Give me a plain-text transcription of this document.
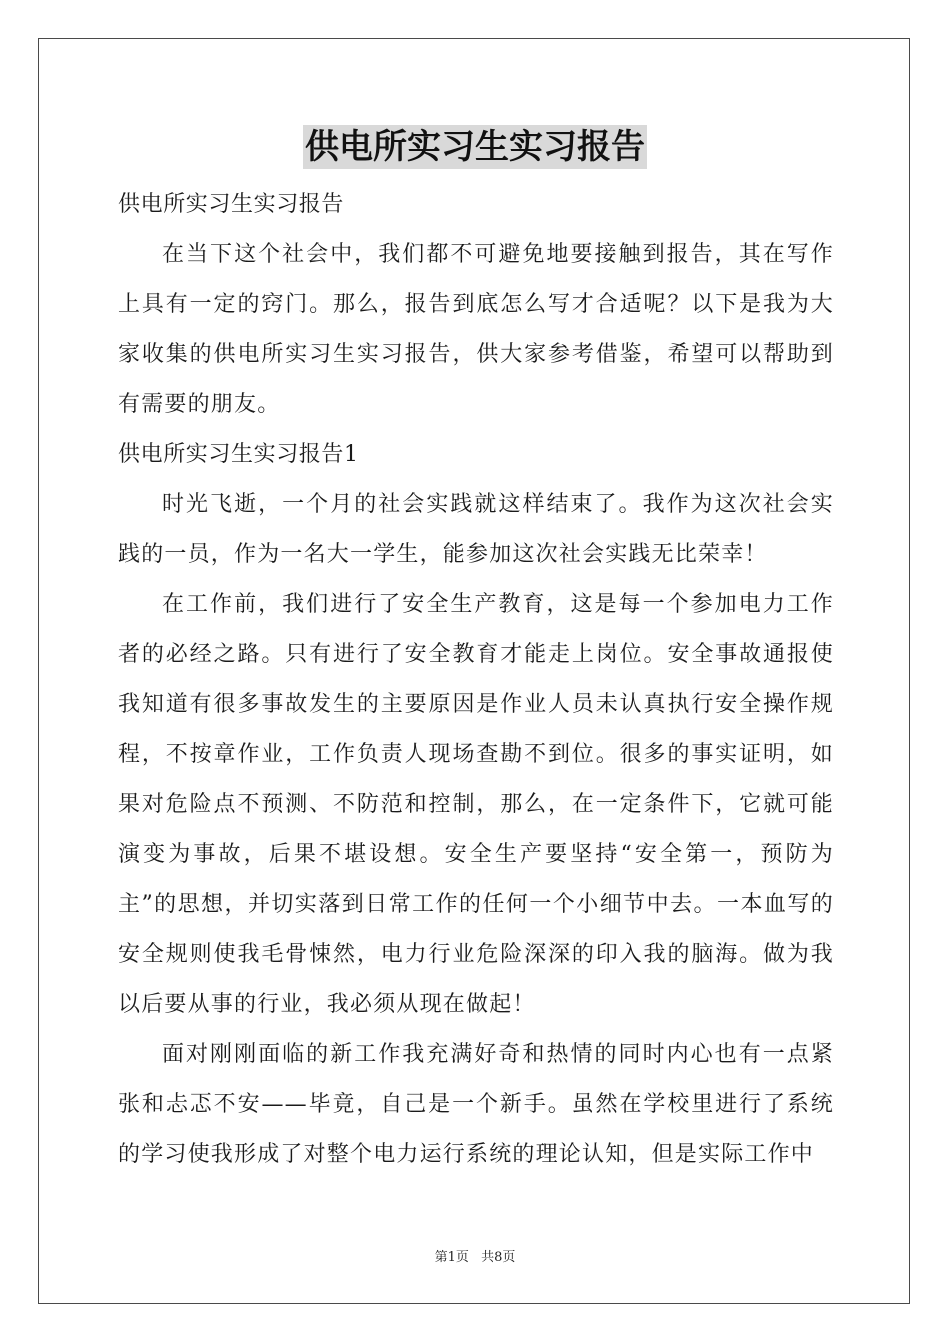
供电所实习生实习报告
供电所实习生实习报告
在当下这个社会中，我们都不可避免地要接触到报告，其在写作上具有一定的窍门。那么，报告到底怎么写才合适呢？以下是我为大家收集的供电所实习生实习报告，供大家参考借鉴，希望可以帮助到有需要的朋友。
供电所实习生实习报告1
时光飞逝，一个月的社会实践就这样结束了。我作为这次社会实践的一员，作为一名大一学生，能参加这次社会实践无比荣幸！
在工作前，我们进行了安全生产教育，这是每一个参加电力工作者的必经之路。只有进行了安全教育才能走上岗位。安全事故通报使我知道有很多事故发生的主要原因是作业人员未认真执行安全操作规程，不按章作业，工作负责人现场查勘不到位。很多的事实证明，如果对危险点不预测、不防范和控制，那么，在一定条件下，它就可能演变为事故，后果不堪设想。安全生产要坚持“安全第一，预防为主”的思想，并切实落到日常工作的任何一个小细节中去。一本血写的安全规则使我毛骨悚然，电力行业危险深深的印入我的脑海。做为我以后要从事的行业，我必须从现在做起！
面对刚刚面临的新工作我充满好奇和热情的同时内心也有一点紧张和忐忑不安——毕竟，自己是一个新手。虽然在学校里进行了系统的学习使我形成了对整个电力运行系统的理论认知，但是实际工作中
第1页 共8页
